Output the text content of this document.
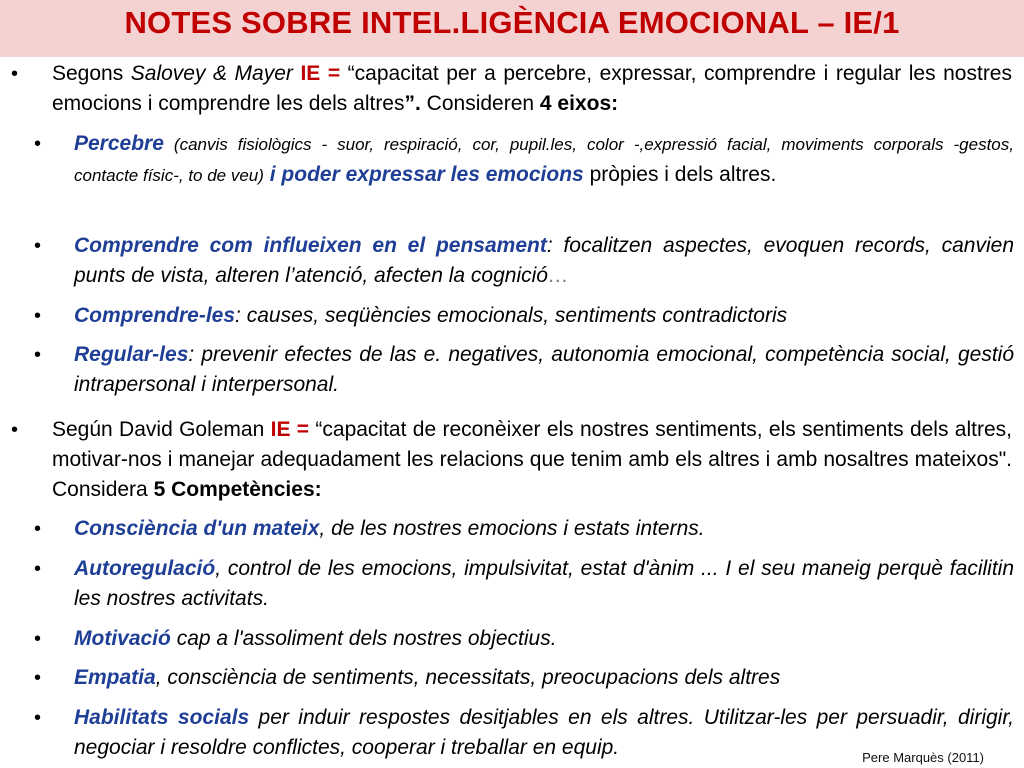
NOTES SOBRE INTEL.LIGÈNCIA EMOCIONAL – IE/1
• Segons Salovey & Mayer IE = “capacitat per a percebre, expressar, comprendre i regular les nostres emocions i comprendre les dels altres”. Consideren 4 eixos:
• Percebre (canvis fisiològics - suor, respiració, cor, pupil.les, color -,expressió facial, moviments corporals -gestos, contacte físic-, to de veu) i poder expressar les emocions pròpies i dels altres.
• Comprendre com influeixen en el pensament: focalitzen aspectes, evoquen records, canvien punts de vista, alteren l’atenció, afecten la cognició…
• Comprendre-les: causes, seqüències emocionals, sentiments contradictoris
• Regular-les: prevenir efectes de las e. negatives, autonomia emocional, competència social, gestió intrapersonal i interpersonal.
• Según David Goleman IE = “capacitat de reconèixer els nostres sentiments, els sentiments dels altres, motivar-nos i manejar adequadament les relacions que tenim amb els altres i amb nosaltres mateixos". Considera 5 Competències:
• Consciència d'un mateix, de les nostres emocions i estats interns.
• Autoregulació, control de les emocions, impulsivitat, estat d'ànim ... I el seu maneig perquè facilitin les nostres activitats.
• Motivació cap a l'assoliment dels nostres objectius.
• Empatia, consciència de sentiments, necessitats, preocupacions dels altres
• Habilitats socials per induir respostes desitjables en els altres. Utilitzar-les per persuadir, dirigir, negociar i resoldre conflictes, cooperar i treballar en equip.	Pere Marquès (2011)
